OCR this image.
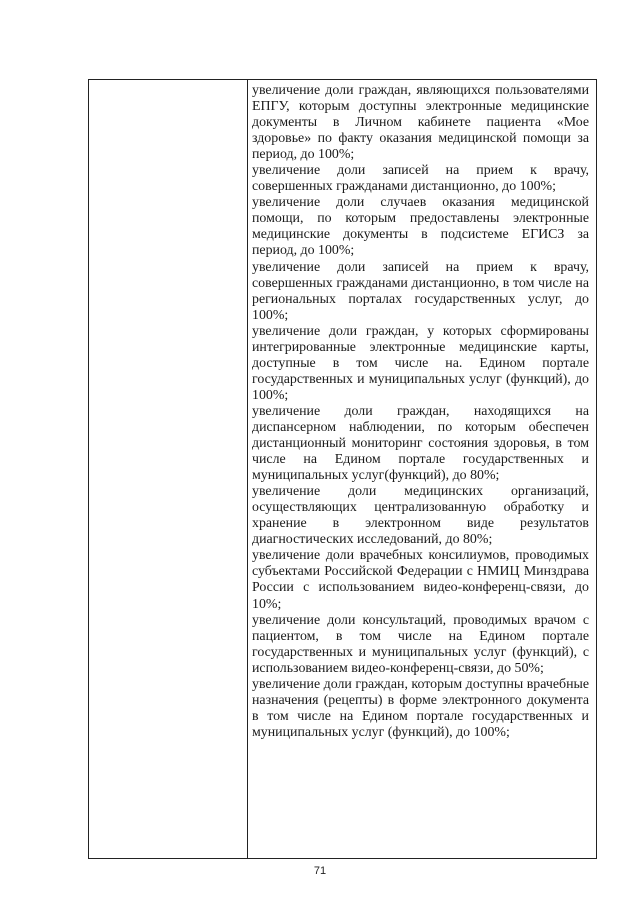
увеличение доли граждан, являющихся пользователями ЕПГУ, которым доступны электронные медицинские документы в Личном кабинете пациента «Мое здоровье» по факту оказания медицинской помощи за период, до 100%;

увеличение доли записей на прием к врачу, совершенных гражданами дистанционно, до 100%;

увеличение доли случаев оказания медицинской помощи, по которым предоставлены электронные медицинские документы в подсистеме ЕГИСЗ за период, до 100%;

увеличение доли записей на прием к врачу, совершенных гражданами дистанционно, в том числе на региональных порталах государственных услуг, до 100%;

увеличение доли граждан, у которых сформированы интегрированные электронные медицинские карты, доступные в том числе на. Едином портале государственных и муниципальных услуг (функций), до 100%;

увеличение доли граждан, находящихся на диспансерном наблюдении, по которым обеспечен дистанционный мониторинг состояния здоровья, в том числе на Едином портале государственных и муниципальных услуг(функций), до 80%;

увеличение доли медицинских организаций, осуществляющих централизованную обработку и хранение в электронном виде результатов диагностических исследований, до 80%;

увеличение доли врачебных консилиумов, проводимых субъектами Российской Федерации с НМИЦ Минздрава России с использованием видео-конференц-связи, до 10%;

увеличение доли консультаций, проводимых врачом с пациентом, в том числе на Едином портале государственных и муниципальных услуг (функций), с использованием видео-конференц-связи, до 50%;

увеличение доли граждан, которым доступны врачебные назначения (рецепты) в форме электронного документа в том числе на Едином портале государственных и муниципальных услуг (функций), до 100%;

71
